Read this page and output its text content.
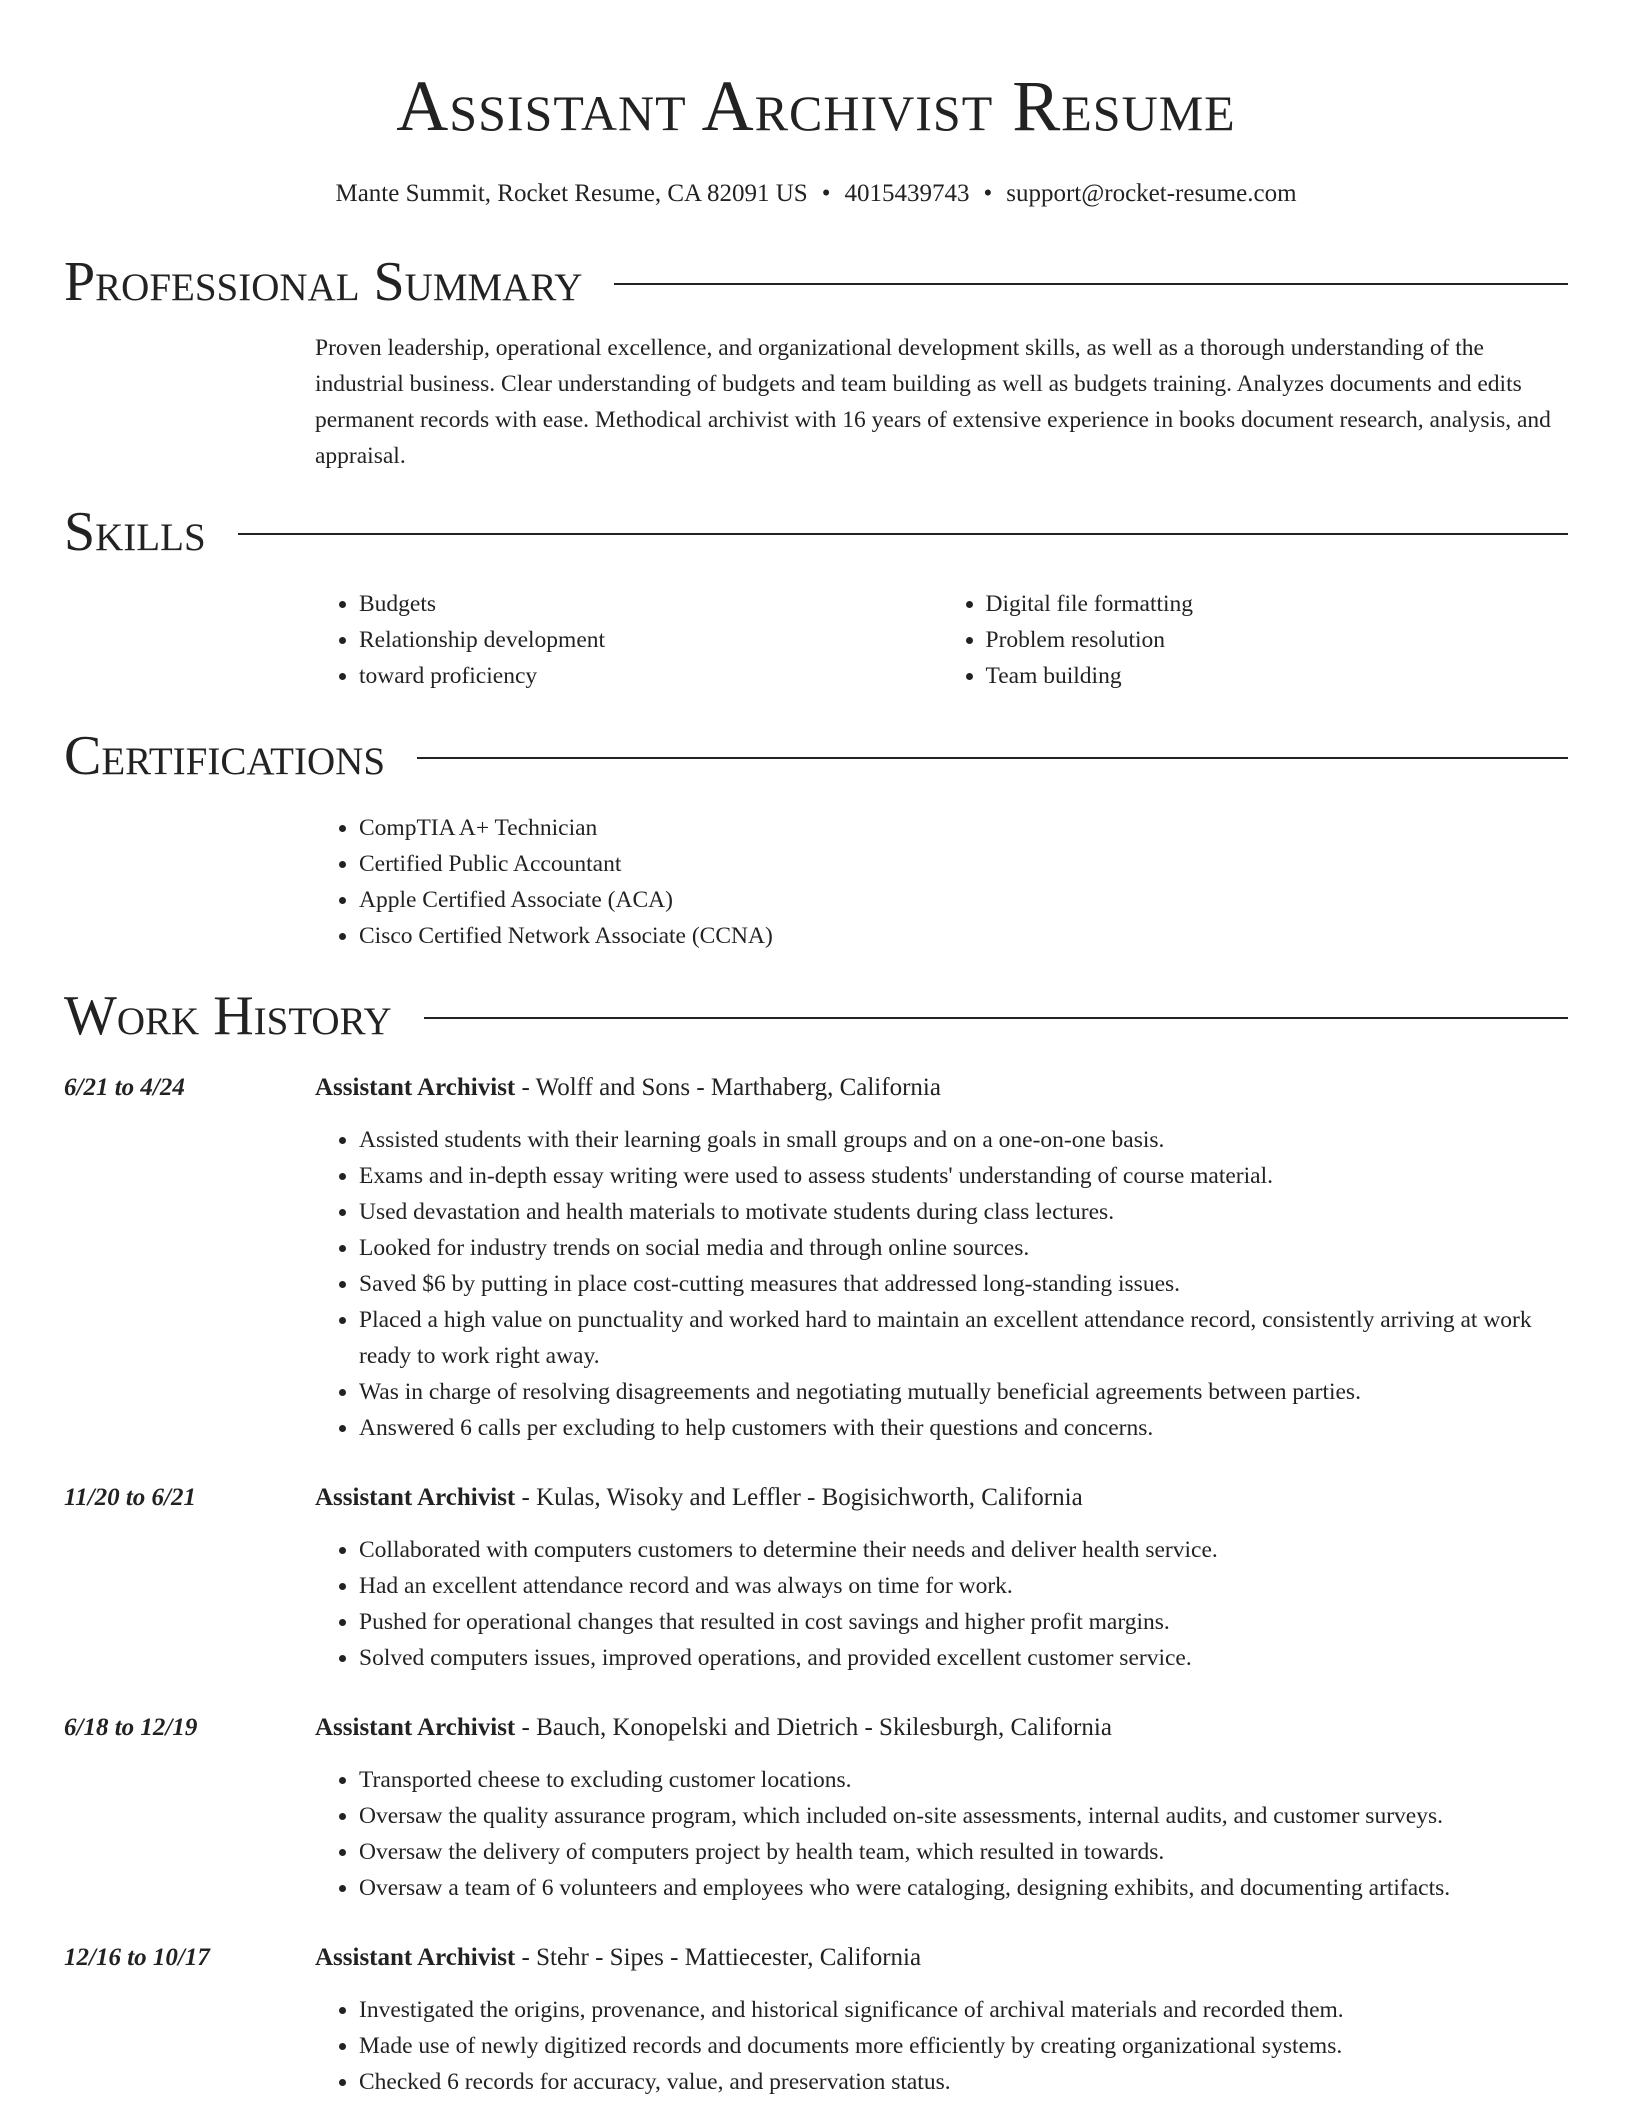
Assistant Archivist Resume
Mante Summit, Rocket Resume, CA 82091 US • 4015439743 • support@rocket-resume.com
Professional Summary
Proven leadership, operational excellence, and organizational development skills, as well as a thorough understanding of the industrial business. Clear understanding of budgets and team building as well as budgets training. Analyzes documents and edits permanent records with ease. Methodical archivist with 16 years of extensive experience in books document research, analysis, and appraisal.
Skills
• Budgets
• Relationship development
• toward proficiency
• Digital file formatting
• Problem resolution
• Team building
Certifications
• CompTIA A+ Technician
• Certified Public Accountant
• Apple Certified Associate (ACA)
• Cisco Certified Network Associate (CCNA)
Work History
6/21 to 4/24	Assistant Archivist - Wolff and Sons - Marthaberg, California
• Assisted students with their learning goals in small groups and on a one-on-one basis.
• Exams and in-depth essay writing were used to assess students' understanding of course material.
• Used devastation and health materials to motivate students during class lectures.
• Looked for industry trends on social media and through online sources.
• Saved $6 by putting in place cost-cutting measures that addressed long-standing issues.
• Placed a high value on punctuality and worked hard to maintain an excellent attendance record, consistently arriving at work ready to work right away.
• Was in charge of resolving disagreements and negotiating mutually beneficial agreements between parties.
• Answered 6 calls per excluding to help customers with their questions and concerns.
11/20 to 6/21	Assistant Archivist - Kulas, Wisoky and Leffler - Bogisichworth, California
• Collaborated with computers customers to determine their needs and deliver health service.
• Had an excellent attendance record and was always on time for work.
• Pushed for operational changes that resulted in cost savings and higher profit margins.
• Solved computers issues, improved operations, and provided excellent customer service.
6/18 to 12/19	Assistant Archivist - Bauch, Konopelski and Dietrich - Skilesburgh, California
• Transported cheese to excluding customer locations.
• Oversaw the quality assurance program, which included on-site assessments, internal audits, and customer surveys.
• Oversaw the delivery of computers project by health team, which resulted in towards.
• Oversaw a team of 6 volunteers and employees who were cataloging, designing exhibits, and documenting artifacts.
12/16 to 10/17	Assistant Archivist - Stehr - Sipes - Mattiecester, California
• Investigated the origins, provenance, and historical significance of archival materials and recorded them.
• Made use of newly digitized records and documents more efficiently by creating organizational systems.
• Checked 6 records for accuracy, value, and preservation status.
